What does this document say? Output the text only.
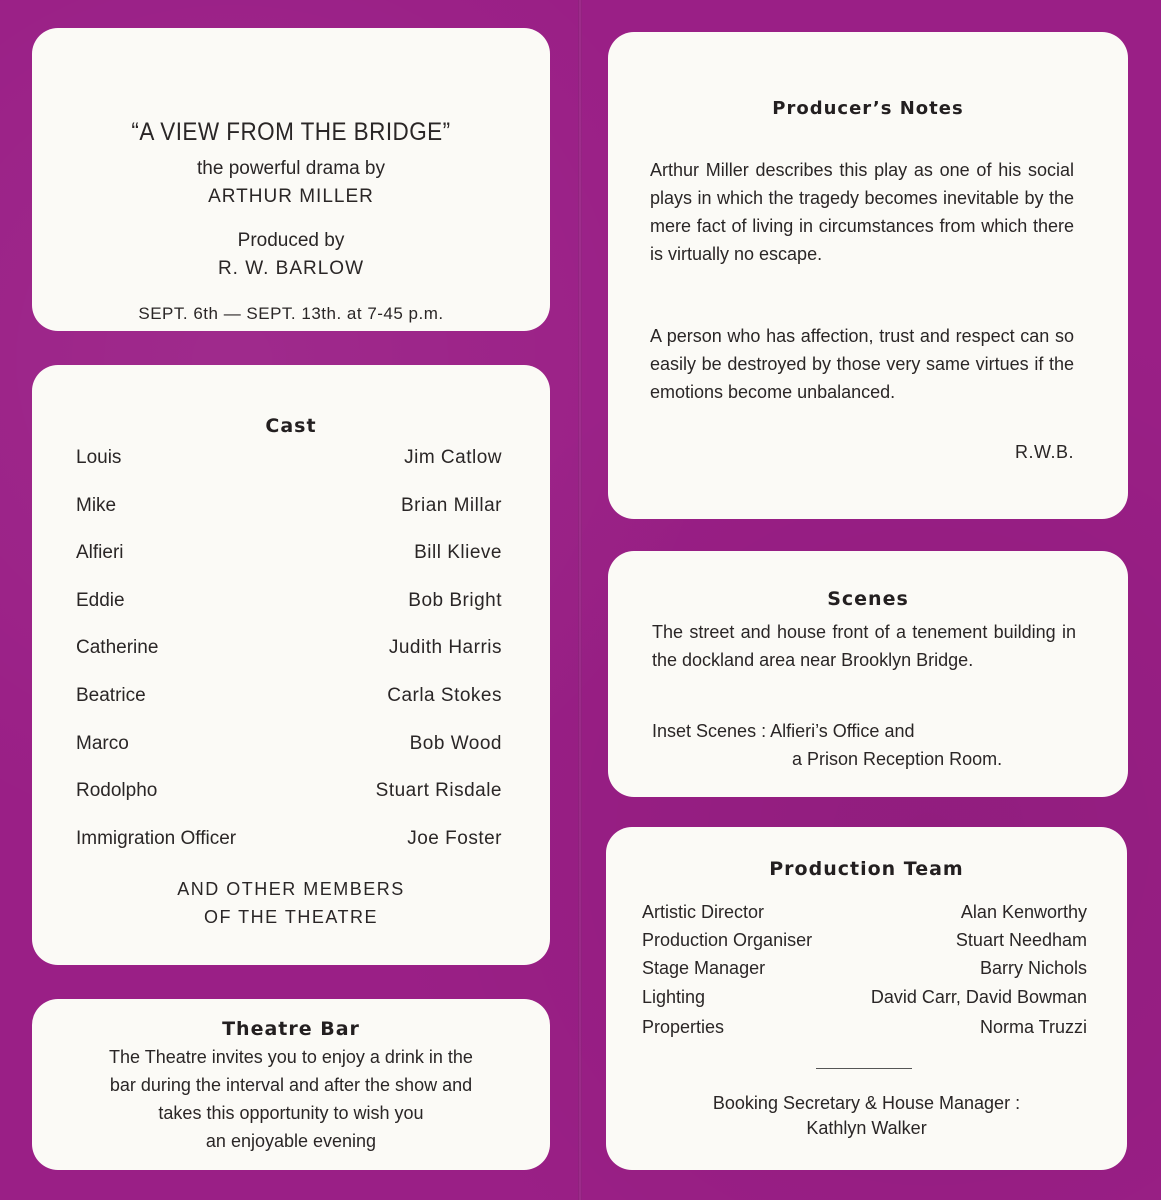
“A VIEW FROM THE BRIDGE”
the powerful drama by
ARTHUR MILLER
Produced by
R. W. BARLOW
SEPT. 6th — SEPT. 13th. at 7-45 p.m.
Cast
Louis	Jim Catlow
Mike	Brian Millar
Alfieri	Bill Klieve
Eddie	Bob Bright
Catherine	Judith Harris
Beatrice	Carla Stokes
Marco	Bob Wood
Rodolpho	Stuart Risdale
Immigration Officer	Joe Foster
AND OTHER MEMBERS
OF THE THEATRE
Theatre Bar
The Theatre invites you to enjoy a drink in the
bar during the interval and after the show and
takes this opportunity to wish you
an enjoyable evening
Producer’s Notes
Arthur Miller describes this play as one of his social plays in which the tragedy becomes inevitable by the mere fact of living in circumstances from which there is virtually no escape.
A person who has affection, trust and respect can so easily be destroyed by those very same virtues if the emotions become unbalanced.
R.W.B.
Scenes
The street and house front of a tenement building in the dockland area near Brooklyn Bridge.
Inset Scenes : Alfieri’s Office and
a Prison Reception Room.
Production Team
Artistic Director	Alan Kenworthy
Production Organiser	Stuart Needham
Stage Manager	Barry Nichols
Lighting	David Carr, David Bowman
Properties	Norma Truzzi
Booking Secretary & House Manager :
Kathlyn Walker
